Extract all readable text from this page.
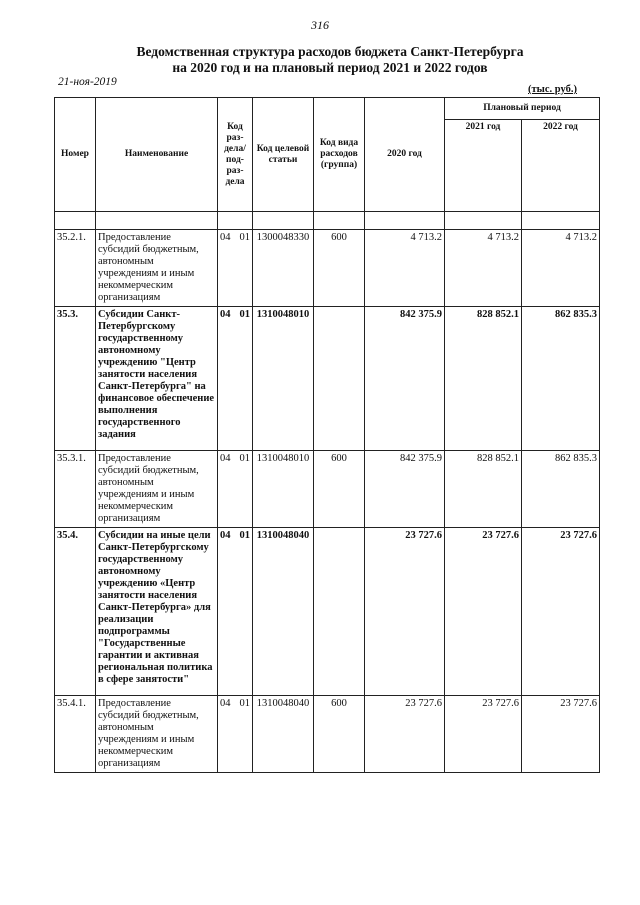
316
Ведомственная структура расходов бюджета Санкт-Петербурга
на 2020 год и на плановый период 2021 и 2022 годов
21-ноя-2019
(тыс. руб.)
Номер	Наименование	Код раз- дела/ под- раз- дела	Код целевой статьи	Код вида расходов (группа)	2020 год	Плановый период	
						2021 год	2022 год

35.2.1.	Предоставление субсидий бюджетным, автономным учреждениям и иным некоммерческим организациям	04 01	1300048330	600	4 713.2	4 713.2	4 713.2
35.3.	Субсидии Санкт-Петербургскому государственному автономному учреждению "Центр занятости населения Санкт-Петербурга" на финансовое обеспечение выполнения государственного задания	04 01	1310048010		842 375.9	828 852.1	862 835.3
35.3.1.	Предоставление субсидий бюджетным, автономным учреждениям и иным некоммерческим организациям	04 01	1310048010	600	842 375.9	828 852.1	862 835.3
35.4.	Субсидии на иные цели Санкт-Петербургскому государственному автономному учреждению «Центр занятости населения Санкт-Петербурга» для реализации подпрограммы "Государственные гарантии и активная региональная политика в сфере занятости"	04 01	1310048040		23 727.6	23 727.6	23 727.6
35.4.1.	Предоставление субсидий бюджетным, автономным учреждениям и иным некоммерческим организациям	04 01	1310048040	600	23 727.6	23 727.6	23 727.6
